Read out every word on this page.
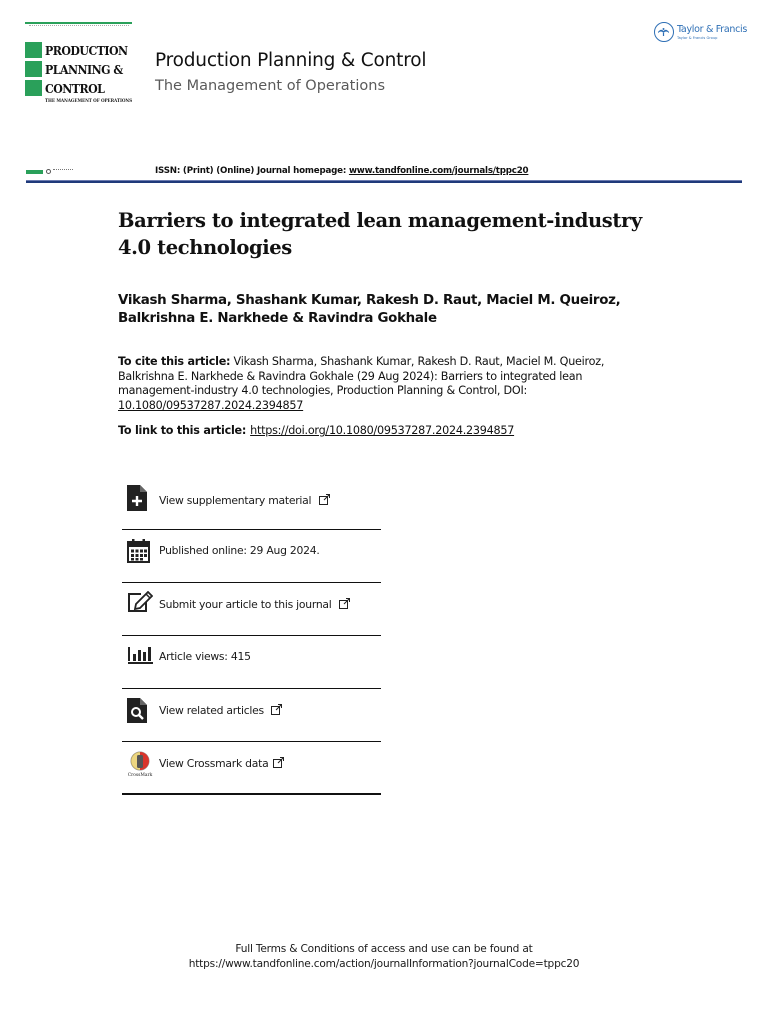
PRODUCTION
PLANNING &
CONTROL
THE MANAGEMENT OF OPERATIONS
Production Planning & Control
The Management of Operations
Taylor & Francis
Taylor & Francis Group
ISSN: (Print) (Online) Journal homepage: www.tandfonline.com/journals/tppc20
Barriers to integrated lean management-industry 4.0 technologies
Vikash Sharma, Shashank Kumar, Rakesh D. Raut, Maciel M. Queiroz, Balkrishna E. Narkhede & Ravindra Gokhale
To cite this article: Vikash Sharma, Shashank Kumar, Rakesh D. Raut, Maciel M. Queiroz, Balkrishna E. Narkhede & Ravindra Gokhale (29 Aug 2024): Barriers to integrated lean management-industry 4.0 technologies, Production Planning & Control, DOI: 10.1080/09537287.2024.2394857
To link to this article: https://doi.org/10.1080/09537287.2024.2394857
View supplementary material
Published online: 29 Aug 2024.
Submit your article to this journal
Article views: 415
View related articles
CrossMark
View Crossmark data
Full Terms & Conditions of access and use can be found at
https://www.tandfonline.com/action/journalInformation?journalCode=tppc20
